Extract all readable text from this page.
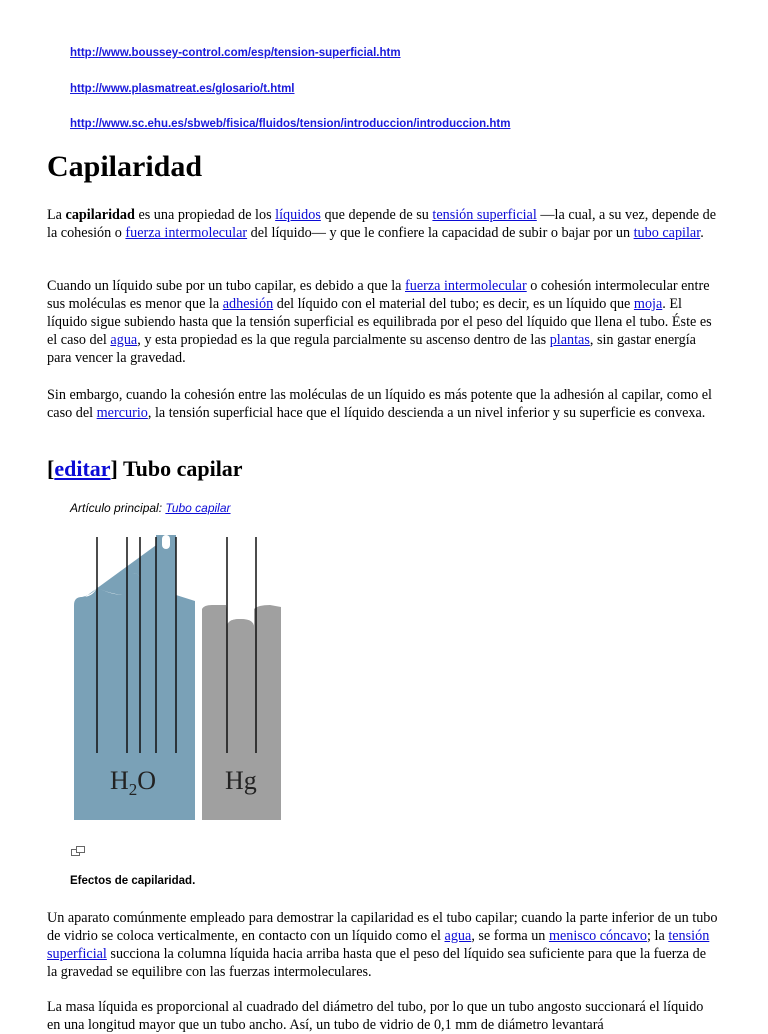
http://www.boussey-control.com/esp/tension-superficial.htm
http://www.plasmatreat.es/glosario/t.html
http://www.sc.ehu.es/sbweb/fisica/fluidos/tension/introduccion/introduccion.htm
Capilaridad

La capilaridad es una propiedad de los líquidos que depende de su tensión superficial —la cual, a su vez, depende de la cohesión o fuerza intermolecular del líquido— y que le confiere la capacidad de subir o bajar por un tubo capilar.

Cuando un líquido sube por un tubo capilar, es debido a que la fuerza intermolecular o cohesión intermolecular entre sus moléculas es menor que la adhesión del líquido con el material del tubo; es decir, es un líquido que moja. El líquido sigue subiendo hasta que la tensión superficial es equilibrada por el peso del líquido que llena el tubo. Éste es el caso del agua, y esta propiedad es la que regula parcialmente su ascenso dentro de las plantas, sin gastar energía para vencer la gravedad.

Sin embargo, cuando la cohesión entre las moléculas de un líquido es más potente que la adhesión al capilar, como el caso del mercurio, la tensión superficial hace que el líquido descienda a un nivel inferior y su superficie es convexa.

[editar] Tubo capilar
Artículo principal: Tubo capilar
$H_2O$	Hg
Efectos de capilaridad.

Un aparato comúnmente empleado para demostrar la capilaridad es el tubo capilar; cuando la parte inferior de un tubo de vidrio se coloca verticalmente, en contacto con un líquido como el agua, se forma un menisco cóncavo; la tensión superficial succiona la columna líquida hacia arriba hasta que el peso del líquido sea suficiente para que la fuerza de la gravedad se equilibre con las fuerzas intermoleculares.

La masa líquida es proporcional al cuadrado del diámetro del tubo, por lo que un tubo angosto succionará el líquido en una longitud mayor que un tubo ancho. Así, un tubo de vidrio de 0,1 mm de diámetro levantará
